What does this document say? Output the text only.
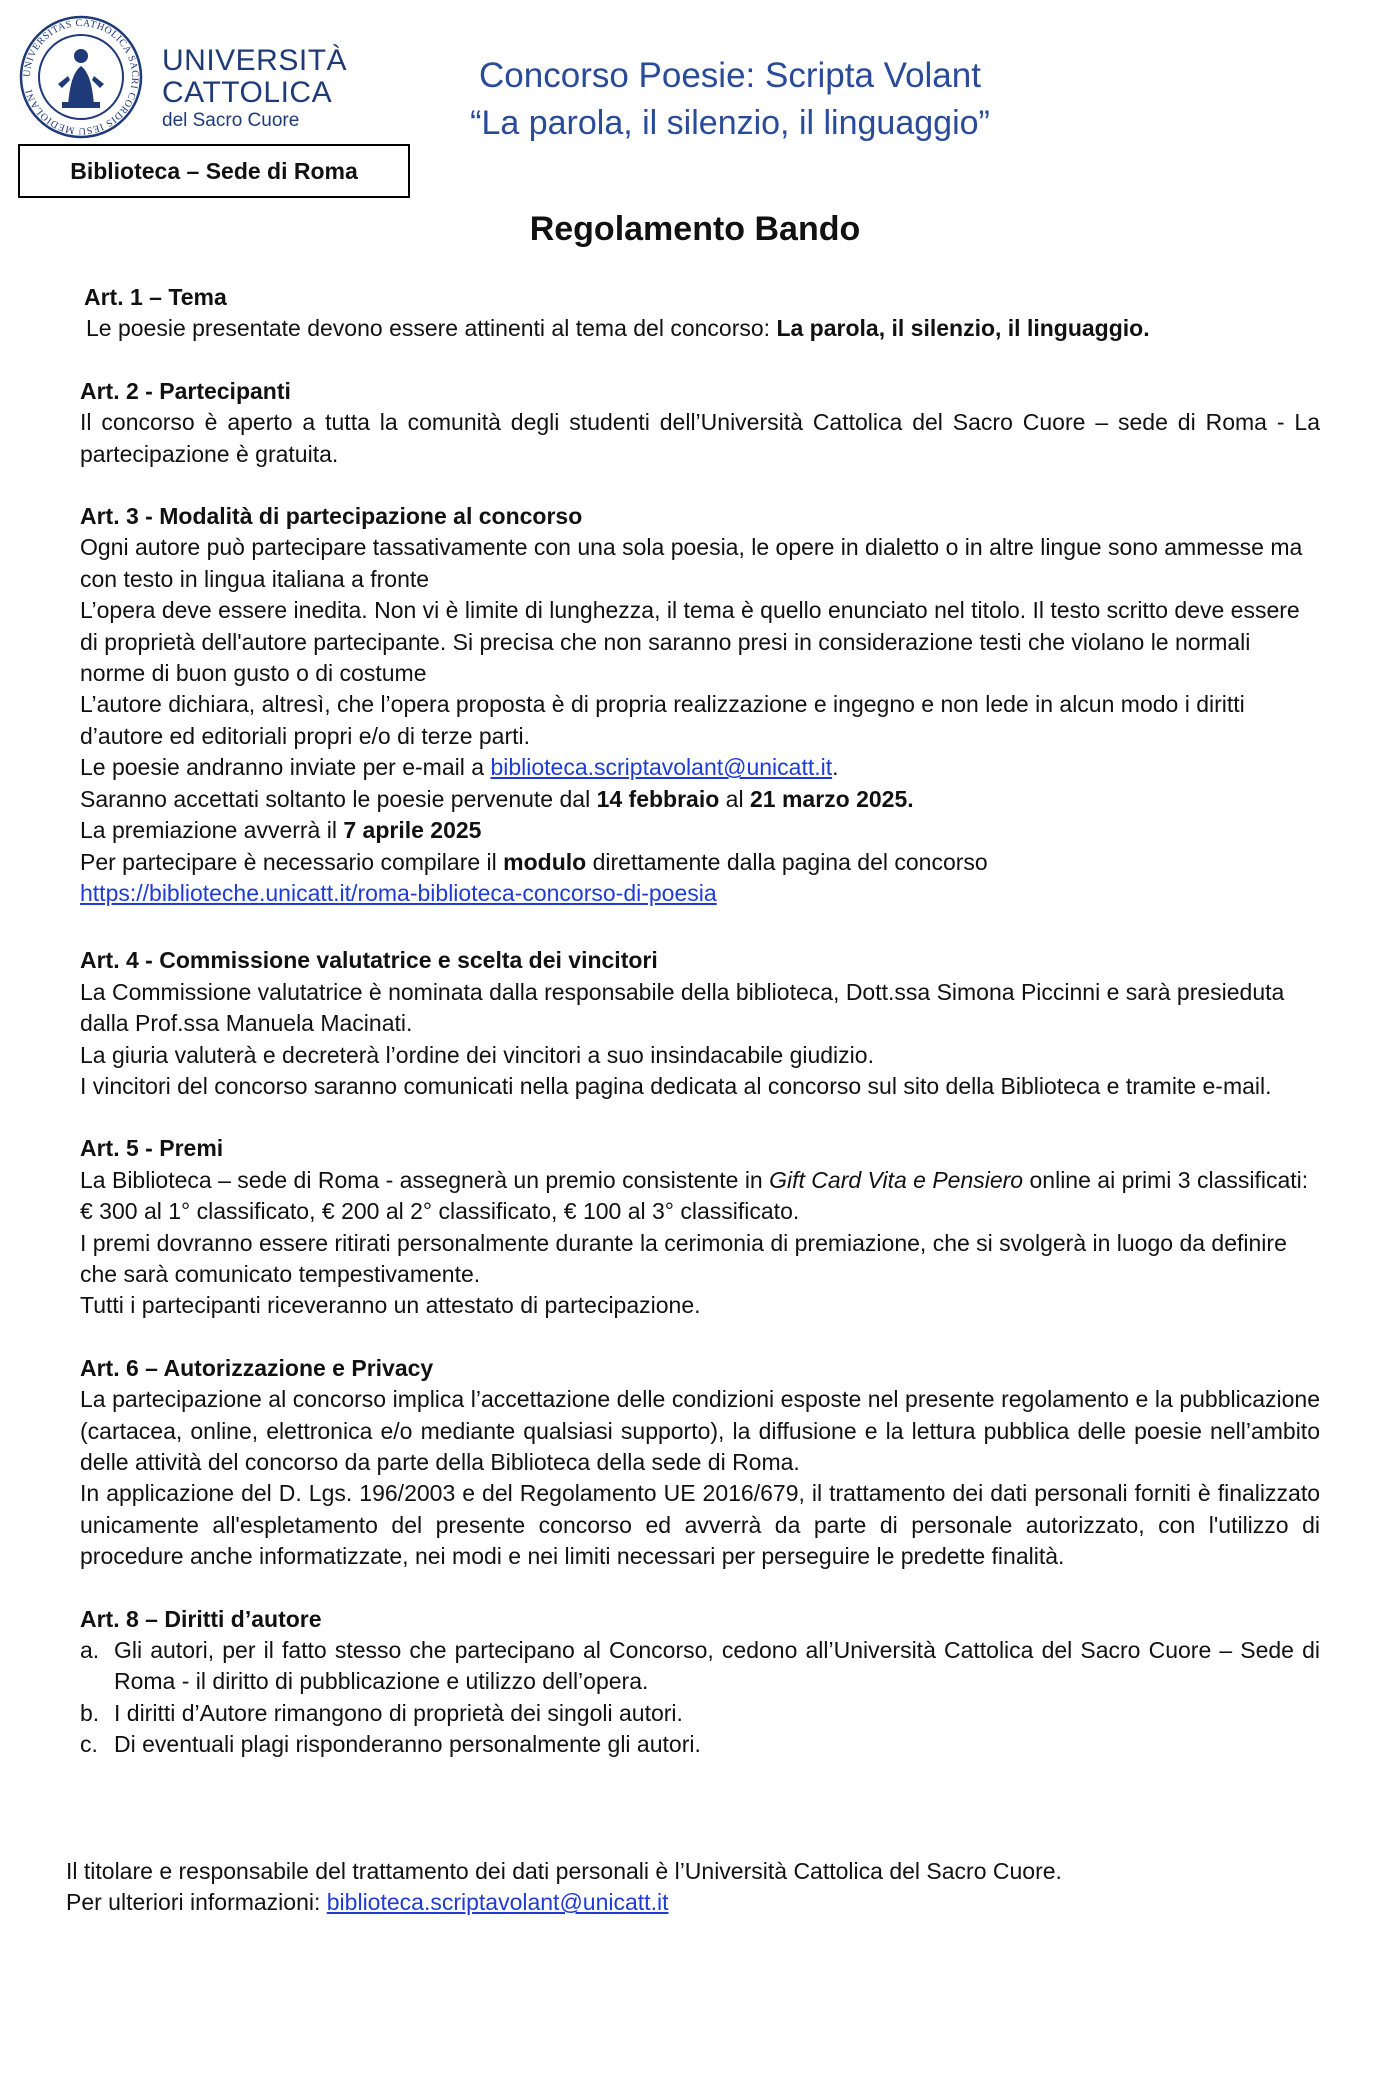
UNIVERSITAS CATHOLICA SACRI CORDIS IESU MEDIOLANI
UNIVERSITÀ
CATTOLICA
del Sacro Cuore
Biblioteca – Sede di Roma
Concorso Poesie: Scripta Volant
“La parola, il silenzio, il linguaggio”
Regolamento Bando
Art. 1 – Tema
Le poesie presentate devono essere attinenti al tema del concorso: La parola, il silenzio, il linguaggio.
Art. 2 - Partecipanti
Il concorso è aperto a tutta la comunità degli studenti dell’Università Cattolica del Sacro Cuore – sede di Roma - La partecipazione è gratuita.
Art. 3 - Modalità di partecipazione al concorso
Ogni autore può partecipare tassativamente con una sola poesia, le opere in dialetto o in altre lingue sono ammesse ma con testo in lingua italiana a fronte
L’opera deve essere inedita. Non vi è limite di lunghezza, il tema è quello enunciato nel titolo. Il testo scritto deve essere di proprietà dell'autore partecipante. Si precisa che non saranno presi in considerazione testi che violano le normali norme di buon gusto o di costume
L’autore dichiara, altresì, che l’opera proposta è di propria realizzazione e ingegno e non lede in alcun modo i diritti d’autore ed editoriali propri e/o di terze parti.
Le poesie andranno inviate per e-mail a biblioteca.scriptavolant@unicatt.it.
Saranno accettati soltanto le poesie pervenute dal 14 febbraio al 21 marzo 2025.
La premiazione avverrà il 7 aprile 2025
Per partecipare è necessario compilare il modulo direttamente dalla pagina del concorso
https://biblioteche.unicatt.it/roma-biblioteca-concorso-di-poesia
Art. 4 - Commissione valutatrice e scelta dei vincitori
La Commissione valutatrice è nominata dalla responsabile della biblioteca, Dott.ssa Simona Piccinni e sarà presieduta dalla Prof.ssa Manuela Macinati.
La giuria valuterà e decreterà l’ordine dei vincitori a suo insindacabile giudizio.
I vincitori del concorso saranno comunicati nella pagina dedicata al concorso sul sito della Biblioteca e tramite e-mail.
Art. 5 - Premi
La Biblioteca – sede di Roma - assegnerà un premio consistente in Gift Card Vita e Pensiero online ai primi 3 classificati: € 300 al 1° classificato, € 200 al 2° classificato, € 100 al 3° classificato.
I premi dovranno essere ritirati personalmente durante la cerimonia di premiazione, che si svolgerà in luogo da definire che sarà comunicato tempestivamente.
Tutti i partecipanti riceveranno un attestato di partecipazione.
Art. 6 – Autorizzazione e Privacy
La partecipazione al concorso implica l’accettazione delle condizioni esposte nel presente regolamento e la pubblicazione (cartacea, online, elettronica e/o mediante qualsiasi supporto), la diffusione e la lettura pubblica delle poesie nell’ambito delle attività del concorso da parte della Biblioteca della sede di Roma.
In applicazione del D. Lgs. 196/2003 e del Regolamento UE 2016/679, il trattamento dei dati personali forniti è finalizzato unicamente all'espletamento del presente concorso ed avverrà da parte di personale autorizzato, con l'utilizzo di procedure anche informatizzate, nei modi e nei limiti necessari per perseguire le predette finalità.
Art. 8 – Diritti d’autore
a. Gli autori, per il fatto stesso che partecipano al Concorso, cedono all’Università Cattolica del Sacro Cuore – Sede di Roma - il diritto di pubblicazione e utilizzo dell’opera.
b. I diritti d’Autore rimangono di proprietà dei singoli autori.
c. Di eventuali plagi risponderanno personalmente gli autori.
Il titolare e responsabile del trattamento dei dati personali è l’Università Cattolica del Sacro Cuore.
Per ulteriori informazioni: biblioteca.scriptavolant@unicatt.it
